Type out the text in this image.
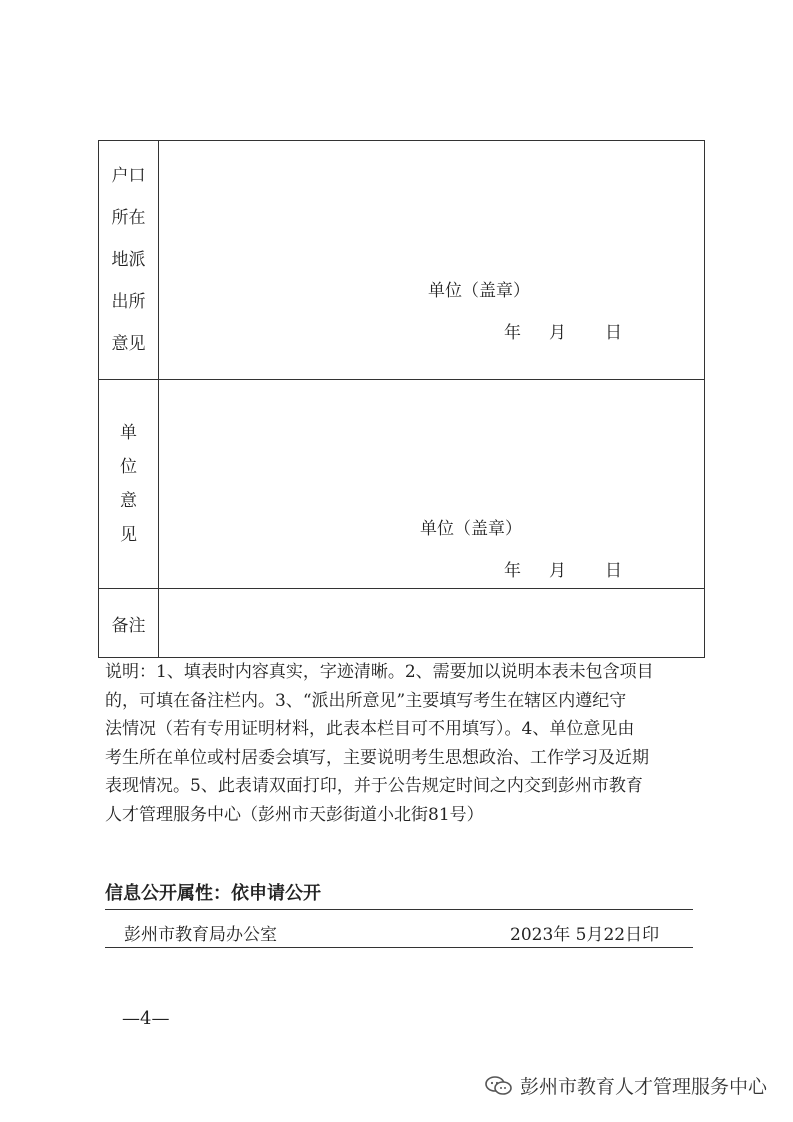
户口
所在
地派
出所
意见	单位（盖章）
年 月 日

单
位
意
见	单位（盖章）
年 月 日

备注	
说明：1、填表时内容真实，字迹清晰。2、需要加以说明本表未包含项目
的，可填在备注栏内。3、“派出所意见”主要填写考生在辖区内遵纪守
法情况（若有专用证明材料，此表本栏目可不用填写）。4、单位意见由
考生所在单位或村居委会填写，主要说明考生思想政治、工作学习及近期
表现情况。5、此表请双面打印，并于公告规定时间之内交到彭州市教育
人才管理服务中心（彭州市天彭街道小北街81号）
信息公开属性：依申请公开
彭州市教育局办公室	2023年 5月22日印
—4—
彭州市教育人才管理服务中心
